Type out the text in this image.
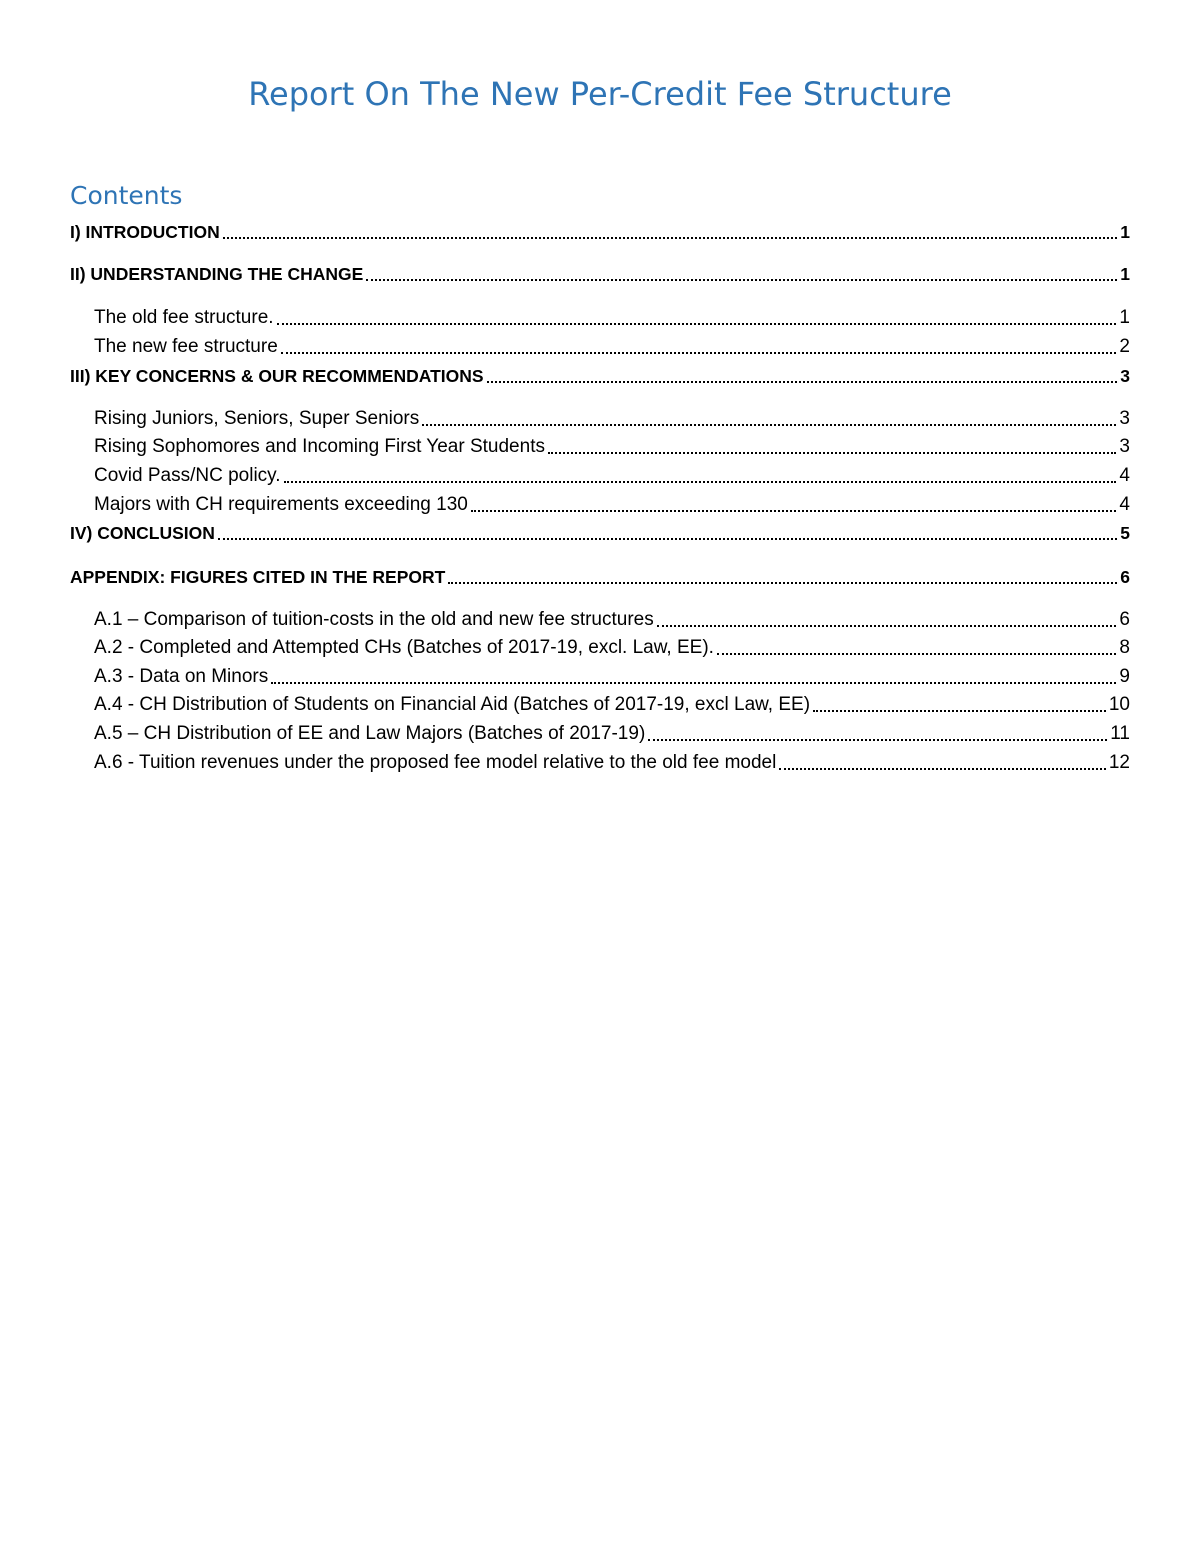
Report On The New Per-Credit Fee Structure
Contents
I) INTRODUCTION	1
II) UNDERSTANDING THE CHANGE	1
The old fee structure.	1
The new fee structure	2
III) KEY CONCERNS & OUR RECOMMENDATIONS	3
Rising Juniors, Seniors, Super Seniors	3
Rising Sophomores and Incoming First Year Students	3
Covid Pass/NC policy.	4
Majors with CH requirements exceeding 130	4
IV) CONCLUSION	5
APPENDIX: FIGURES CITED IN THE REPORT	6
A.1 – Comparison of tuition-costs in the old and new fee structures	6
A.2 - Completed and Attempted CHs (Batches of 2017-19, excl. Law, EE).	8
A.3 - Data on Minors	9
A.4 - CH Distribution of Students on Financial Aid (Batches of 2017-19, excl Law, EE)	10
A.5 – CH Distribution of EE and Law Majors (Batches of 2017-19)	11
A.6 - Tuition revenues under the proposed fee model relative to the old fee model	12
